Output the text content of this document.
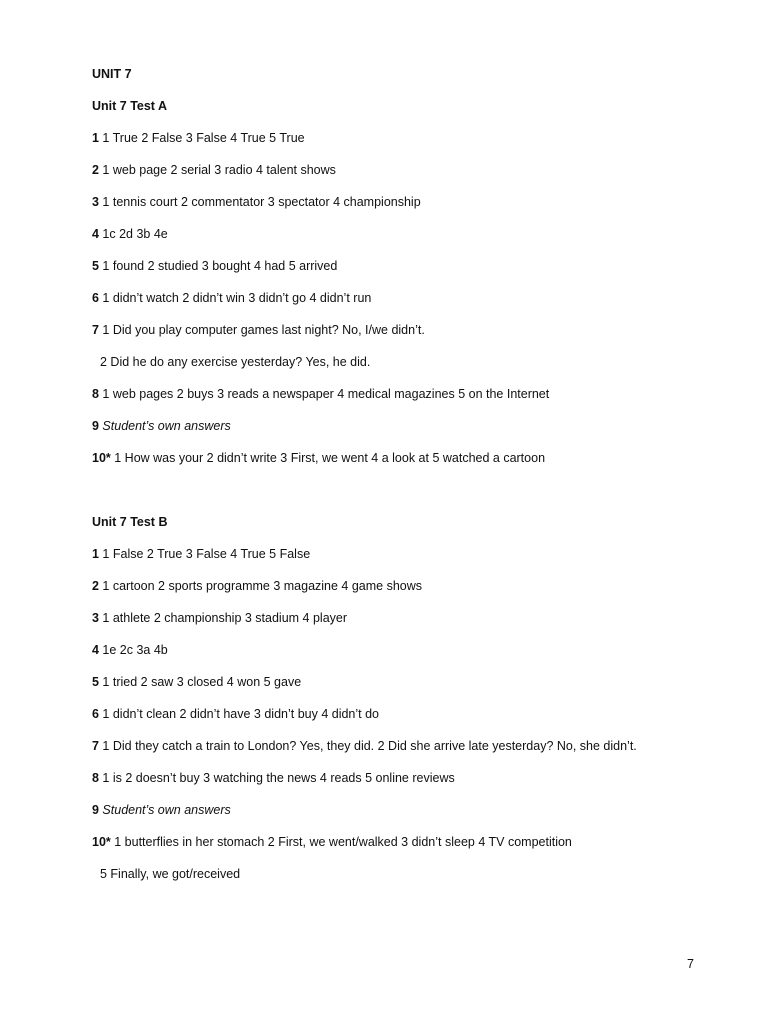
UNIT 7
Unit 7 Test A
1 1 True 2 False 3 False 4 True 5 True
2 1 web page 2 serial 3 radio 4 talent shows
3 1 tennis court 2 commentator 3 spectator 4 championship
4 1c 2d 3b 4e
5 1 found 2 studied 3 bought 4 had 5 arrived
6 1 didn’t watch 2 didn’t win 3 didn’t go 4 didn’t run
7 1 Did you play computer games last night? No, I/we didn’t.
2 Did he do any exercise yesterday? Yes, he did.
8 1 web pages 2 buys 3 reads a newspaper 4 medical magazines 5 on the Internet
9 Student’s own answers
10* 1 How was your 2 didn’t write 3 First, we went 4 a look at 5 watched a cartoon
Unit 7 Test B
1 1 False 2 True 3 False 4 True 5 False
2 1 cartoon 2 sports programme 3 magazine 4 game shows
3 1 athlete 2 championship 3 stadium 4 player
4 1e 2c 3a 4b
5 1 tried 2 saw 3 closed 4 won 5 gave
6 1 didn’t clean 2 didn’t have 3 didn’t buy 4 didn’t do
7 1 Did they catch a train to London? Yes, they did. 2 Did she arrive late yesterday? No, she didn’t.
8 1 is 2 doesn’t buy 3 watching the news 4 reads 5 online reviews
9 Student’s own answers
10* 1 butterflies in her stomach 2 First, we went/walked 3 didn’t sleep 4 TV competition
5 Finally, we got/received
7
